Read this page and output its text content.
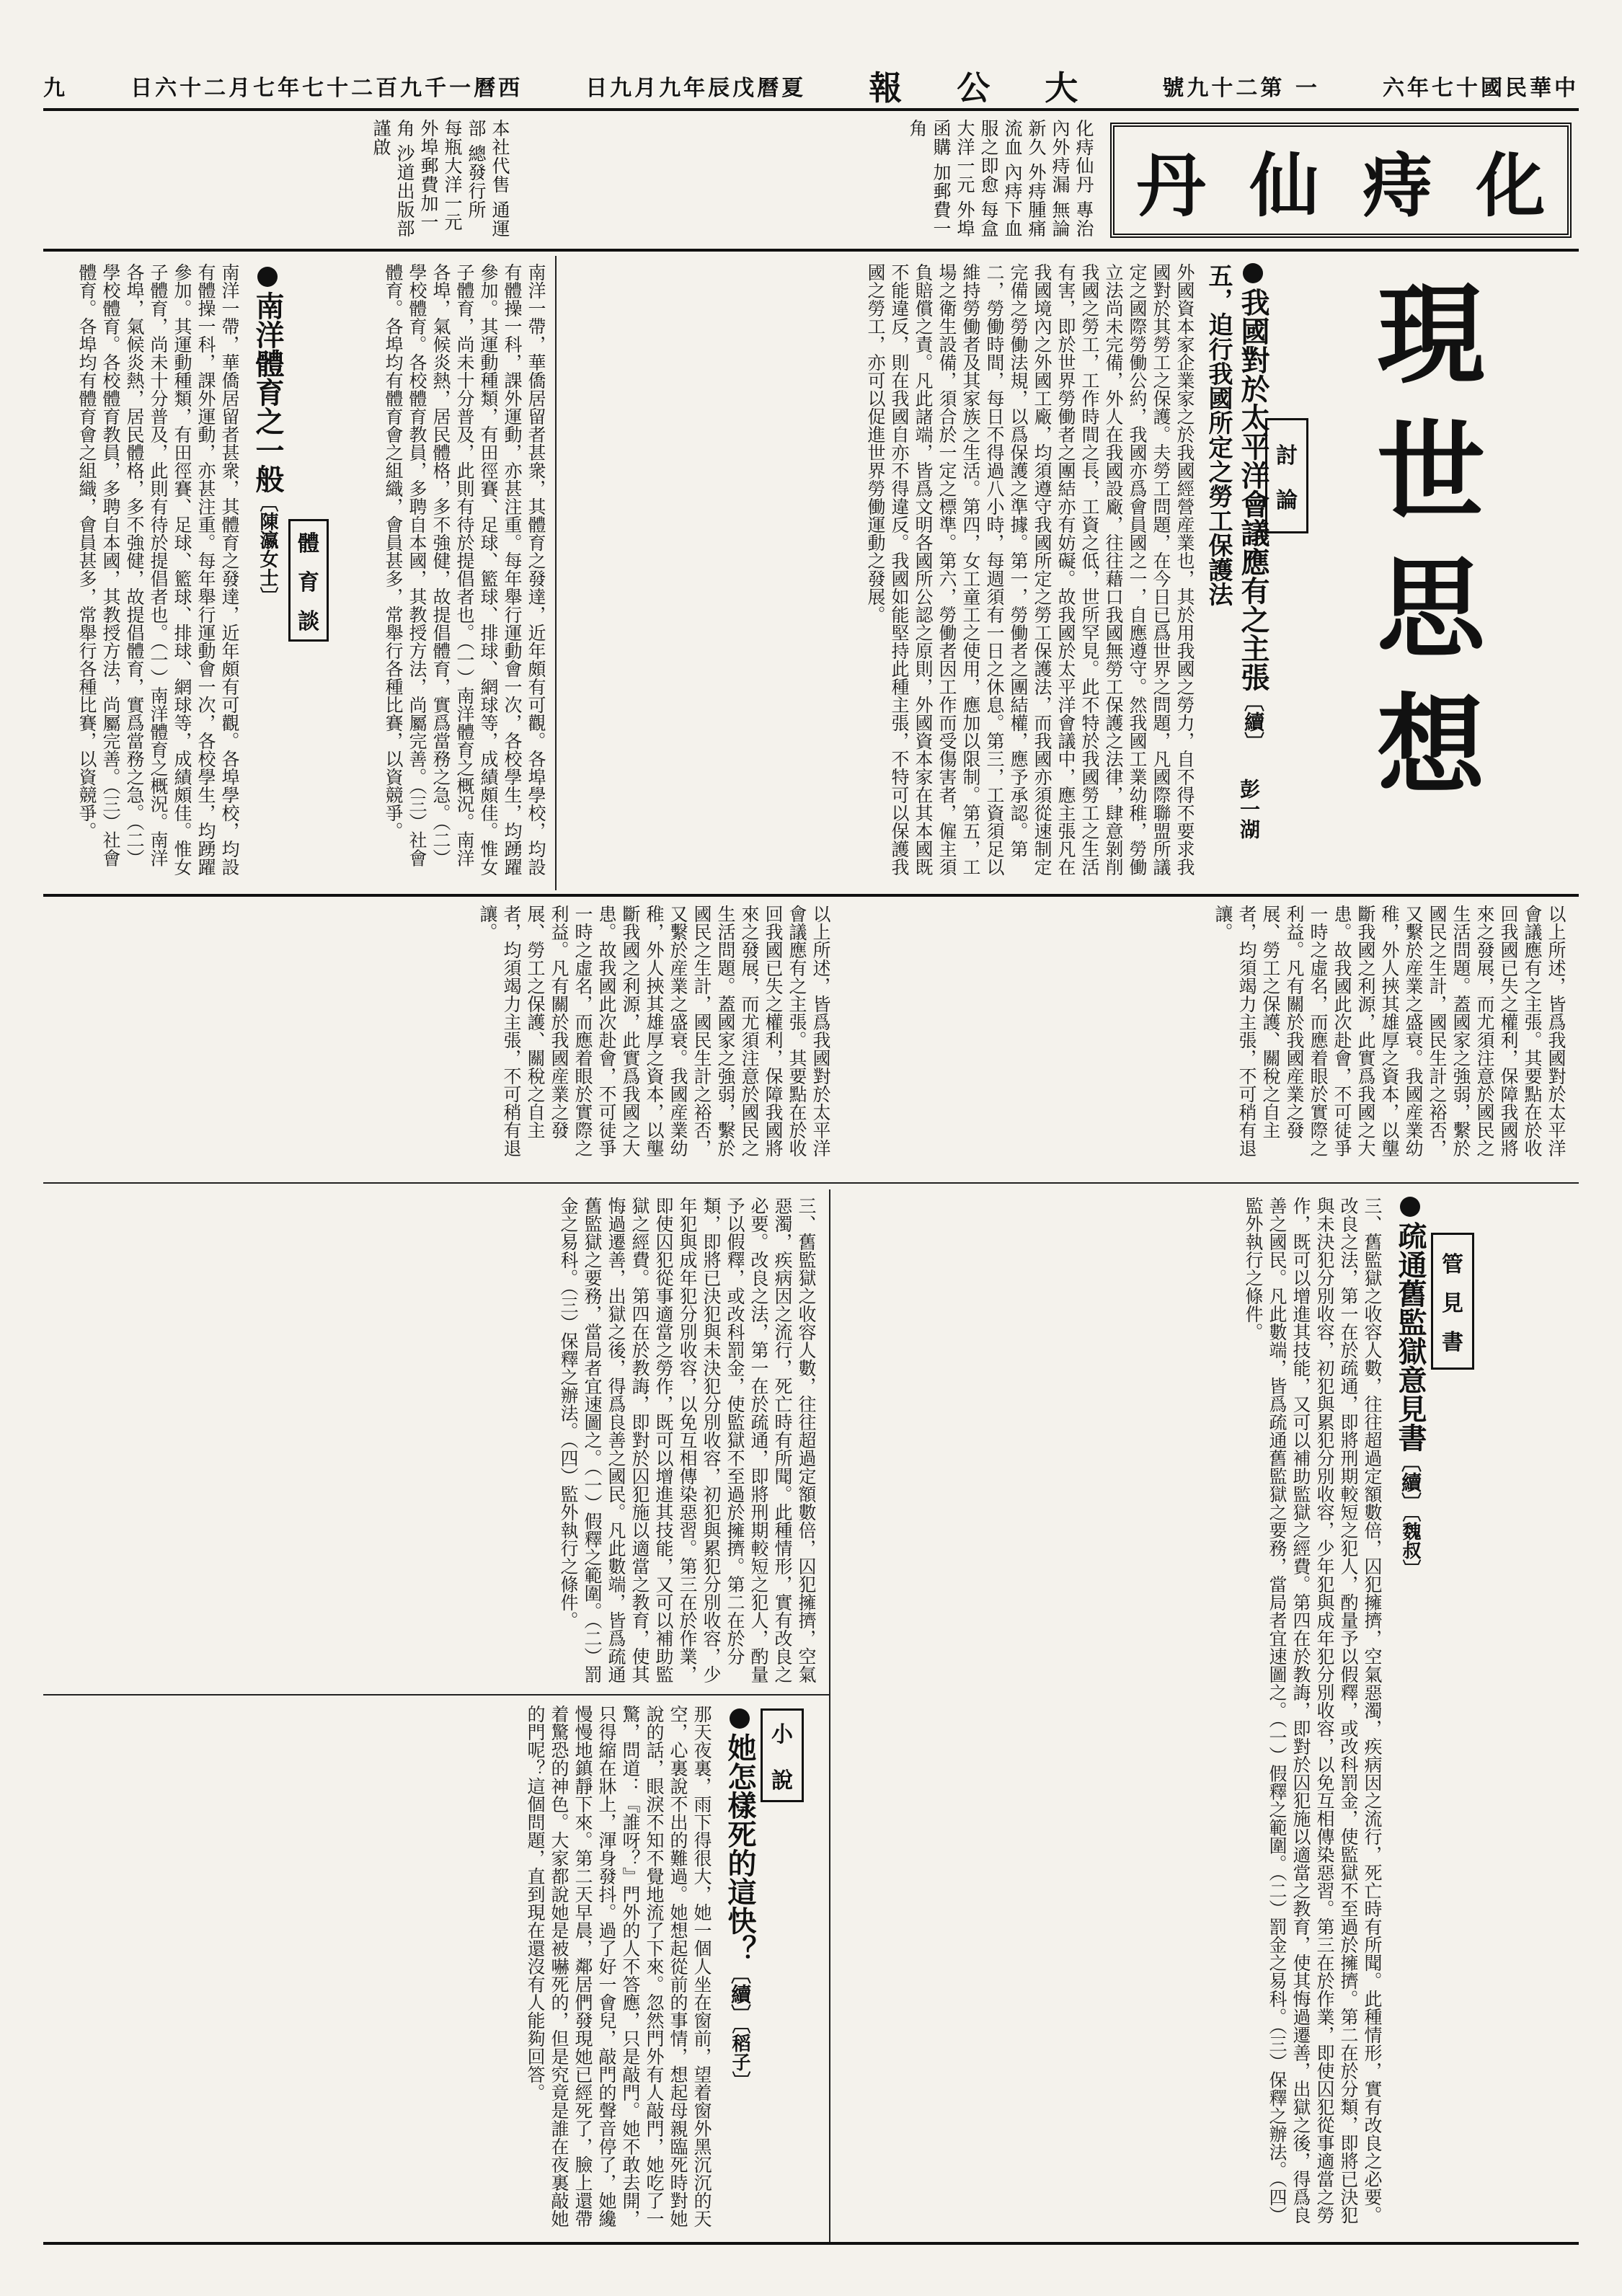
九	日六十二月七年七十二百九千一曆西	日九月九年辰戊曆夏 報 公 大	號九十二第 一	六年七十國民華中
化
痔
仙
丹
化痔仙丹 專治內外痔漏 無論新久 外痔腫痛流血 內痔下血 服之即愈 每盒大洋一元 外埠函購 加郵費一角
本社代售 通運部 總發行所 每瓶大洋一元 外埠郵費加一角 沙道出版部謹啟
現
世
思
想
討
論
我國對於太平洋會議應有之主張〔續〕
彭一湖
五，迫行我國所定之勞工保護法
外國資本家企業家之於我國經營産業也，其於用我國之勞力，自不得不要求我國對於其勞工之保護。夫勞工問題，在今日已爲世界之問題，凡國際聯盟所議定之國際勞働公約，我國亦爲會員國之一，自應遵守。然我國工業幼稚，勞働立法尚未完備，外人在我國設廠，往往藉口我國無勞工保護之法律，肆意剝削我國之勞工，工作時間之長，工資之低，世所罕見。此不特於我國勞工之生活有害，即於世界勞働者之團結亦有妨礙。故我國於太平洋會議中，應主張凡在我國境內之外國工廠，均須遵守我國所定之勞工保護法，而我國亦須從速制定完備之勞働法規，以爲保護之準據。第一，勞働者之團結權，應予承認。第二，勞働時間，每日不得過八小時，每週須有一日之休息。第三，工資須足以維持勞働者及其家族之生活。第四，女工童工之使用，應加以限制。第五，工場之衛生設備，須合於一定之標準。第六，勞働者因工作而受傷害者，僱主須負賠償之責。凡此諸端，皆爲文明各國所公認之原則，外國資本家在其本國既不能違反，則在我國自亦不得違反。我國如能堅持此種主張，不特可以保護我國之勞工，亦可以促進世界勞働運動之發展。
體
育
談
南洋體育之一般〔陳瀛女士〕	南洋一帶，華僑居留者甚衆，其體育之發達，近年頗有可觀。各埠學校，均設有體操一科，課外運動，亦甚注重。每年舉行運動會一次，各校學生，均踴躍參加。其運動種類，有田徑賽、足球、籃球、排球、網球等，成績頗佳。惟女子體育，尚未十分普及，此則有待於提倡者也。（一）南洋體育之概況。南洋各埠，氣候炎熱，居民體格，多不強健，故提倡體育，實爲當務之急。（二）學校體育。各校體育教員，多聘自本國，其教授方法，尚屬完善。（三）社會體育。各埠均有體育會之組織，會員甚多，常舉行各種比賽，以資競爭。
南洋一帶，華僑居留者甚衆，其體育之發達，近年頗有可觀。各埠學校，均設有體操一科，課外運動，亦甚注重。每年舉行運動會一次，各校學生，均踴躍參加。其運動種類，有田徑賽、足球、籃球、排球、網球等，成績頗佳。惟女子體育，尚未十分普及，此則有待於提倡者也。（一）南洋體育之概況。南洋各埠，氣候炎熱，居民體格，多不強健，故提倡體育，實爲當務之急。（二）學校體育。各校體育教員，多聘自本國，其教授方法，尚屬完善。（三）社會體育。各埠均有體育會之組織，會員甚多，常舉行各種比賽，以資競爭。
以上所述，皆爲我國對於太平洋會議應有之主張。其要點在於收回我國已失之權利，保障我國將來之發展，而尤須注意於國民之生活問題。蓋國家之強弱，繫於國民之生計，國民生計之裕否，又繫於産業之盛衰。我國産業幼稚，外人挾其雄厚之資本，以壟斷我國之利源，此實爲我國之大患。故我國此次赴會，不可徒爭一時之虛名，而應着眼於實際之利益。凡有關於我國産業之發展、勞工之保護、關稅之自主者，均須竭力主張，不可稍有退讓。
以上所述，皆爲我國對於太平洋會議應有之主張。其要點在於收回我國已失之權利，保障我國將來之發展，而尤須注意於國民之生活問題。蓋國家之強弱，繫於國民之生計，國民生計之裕否，又繫於産業之盛衰。我國産業幼稚，外人挾其雄厚之資本，以壟斷我國之利源，此實爲我國之大患。故我國此次赴會，不可徒爭一時之虛名，而應着眼於實際之利益。凡有關於我國産業之發展、勞工之保護、關稅之自主者，均須竭力主張，不可稍有退讓。
管
見
書
疏通舊監獄意見書〔續〕〔魏叔〕
三、舊監獄之收容人數，往往超過定額數倍，囚犯擁擠，空氣惡濁，疾病因之流行，死亡時有所聞。此種情形，實有改良之必要。改良之法，第一在於疏通，即將刑期較短之犯人，酌量予以假釋，或改科罰金，使監獄不至過於擁擠。第二在於分類，即將已決犯與未決犯分別收容，初犯與累犯分別收容，少年犯與成年犯分別收容，以免互相傳染惡習。第三在於作業，即使囚犯從事適當之勞作，既可以增進其技能，又可以補助監獄之經費。第四在於教誨，即對於囚犯施以適當之教育，使其悔過遷善，出獄之後，得爲良善之國民。凡此數端，皆爲疏通舊監獄之要務，當局者宜速圖之。（一）假釋之範圍。（二）罰金之易科。（三）保釋之辦法。（四）監外執行之條件。
三、舊監獄之收容人數，往往超過定額數倍，囚犯擁擠，空氣惡濁，疾病因之流行，死亡時有所聞。此種情形，實有改良之必要。改良之法，第一在於疏通，即將刑期較短之犯人，酌量予以假釋，或改科罰金，使監獄不至過於擁擠。第二在於分類，即將已決犯與未決犯分別收容，初犯與累犯分別收容，少年犯與成年犯分別收容，以免互相傳染惡習。第三在於作業，即使囚犯從事適當之勞作，既可以增進其技能，又可以補助監獄之經費。第四在於教誨，即對於囚犯施以適當之教育，使其悔過遷善，出獄之後，得爲良善之國民。凡此數端，皆爲疏通舊監獄之要務，當局者宜速圖之。（一）假釋之範圍。（二）罰金之易科。（三）保釋之辦法。（四）監外執行之條件。
小
說
她怎樣死的這快？〔續〕〔稻子〕
那天夜裏，雨下得很大，她一個人坐在窗前，望着窗外黑沉沉的天空，心裏說不出的難過。她想起從前的事情，想起母親臨死時對她說的話，眼淚不知不覺地流了下來。忽然門外有人敲門，她吃了一驚，問道：『誰呀？』門外的人不答應，只是敲門。她不敢去開，只得縮在牀上，渾身發抖。過了好一會兒，敲門的聲音停了，她纔慢慢地鎮靜下來。第二天早晨，鄰居們發現她已經死了，臉上還帶着驚恐的神色。大家都說她是被嚇死的，但是究竟是誰在夜裏敲她的門呢？這個問題，直到現在還沒有人能夠回答。
